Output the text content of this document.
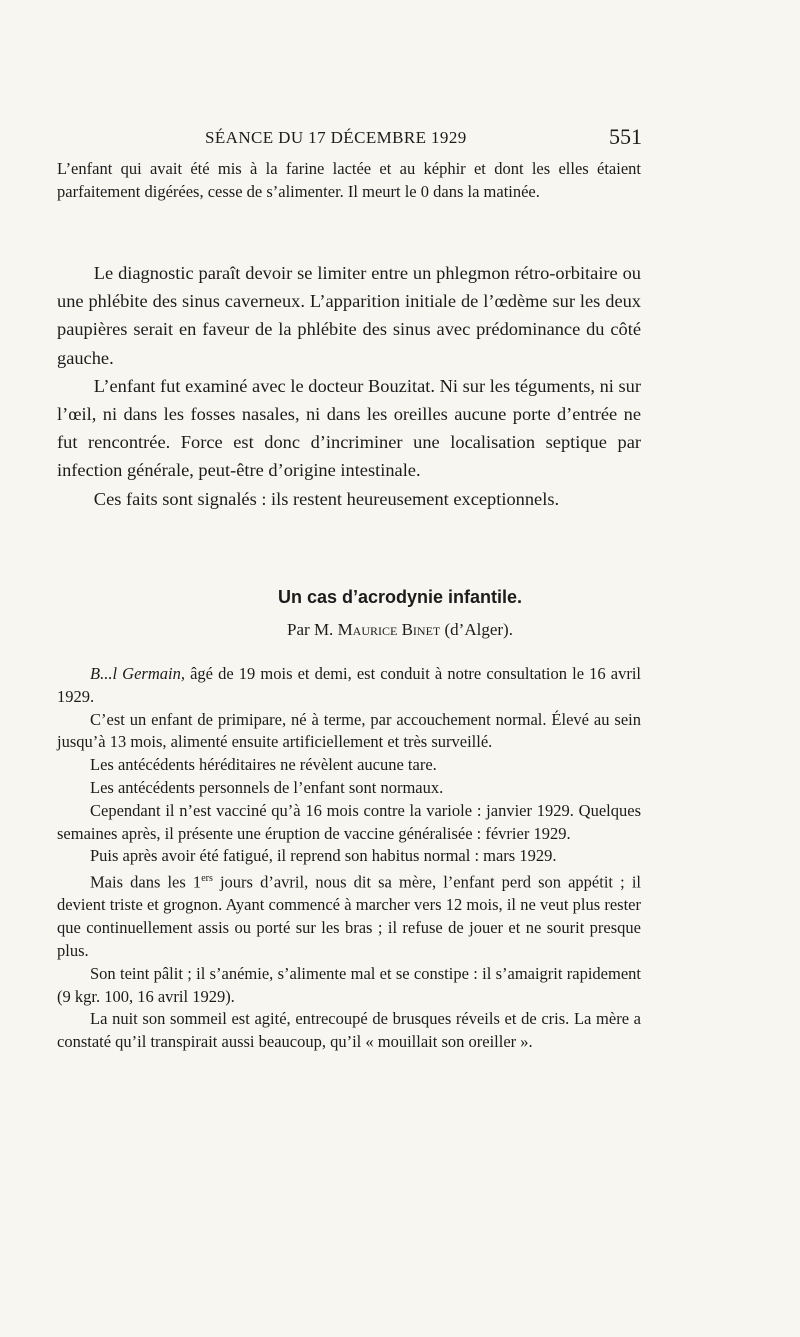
SÉANCE DU 17 DÉCEMBRE 1929	551

L’enfant qui avait été mis à la farine lactée et au képhir et dont les elles étaient parfaitement digérées, cesse de s’alimenter. Il meurt le 0 dans la matinée.

Le diagnostic paraît devoir se limiter entre un phlegmon rétro-orbitaire ou une phlébite des sinus caverneux. L’apparition initiale de l’œdème sur les deux paupières serait en faveur de la phlébite des sinus avec prédominance du côté gauche.

L’enfant fut examiné avec le docteur Bouzitat. Ni sur les téguments, ni sur l’œil, ni dans les fosses nasales, ni dans les oreilles aucune porte d’entrée ne fut rencontrée. Force est donc d’incriminer une localisation septique par infection générale, peut-être d’origine intestinale.

Ces faits sont signalés : ils restent heureusement exceptionnels.

Un cas d’acrodynie infantile.
Par M. Maurice Binet (d’Alger).

B...l Germain, âgé de 19 mois et demi, est conduit à notre consultation le 16 avril 1929.

C’est un enfant de primipare, né à terme, par accouchement normal. Élevé au sein jusqu’à 13 mois, alimenté ensuite artificiellement et très surveillé.

Les antécédents héréditaires ne révèlent aucune tare.

Les antécédents personnels de l’enfant sont normaux.

Cependant il n’est vacciné qu’à 16 mois contre la variole : janvier 1929. Quelques semaines après, il présente une éruption de vaccine généralisée : février 1929.

Puis après avoir été fatigué, il reprend son habitus normal : mars 1929.

Mais dans les 1ers jours d’avril, nous dit sa mère, l’enfant perd son appétit ; il devient triste et grognon. Ayant commencé à marcher vers 12 mois, il ne veut plus rester que continuellement assis ou porté sur les bras ; il refuse de jouer et ne sourit presque plus.

Son teint pâlit ; il s’anémie, s’alimente mal et se constipe : il s’amaigrit rapidement (9 kgr. 100, 16 avril 1929).

La nuit son sommeil est agité, entrecoupé de brusques réveils et de cris. La mère a constaté qu’il transpirait aussi beaucoup, qu’il « mouillait son oreiller ».
